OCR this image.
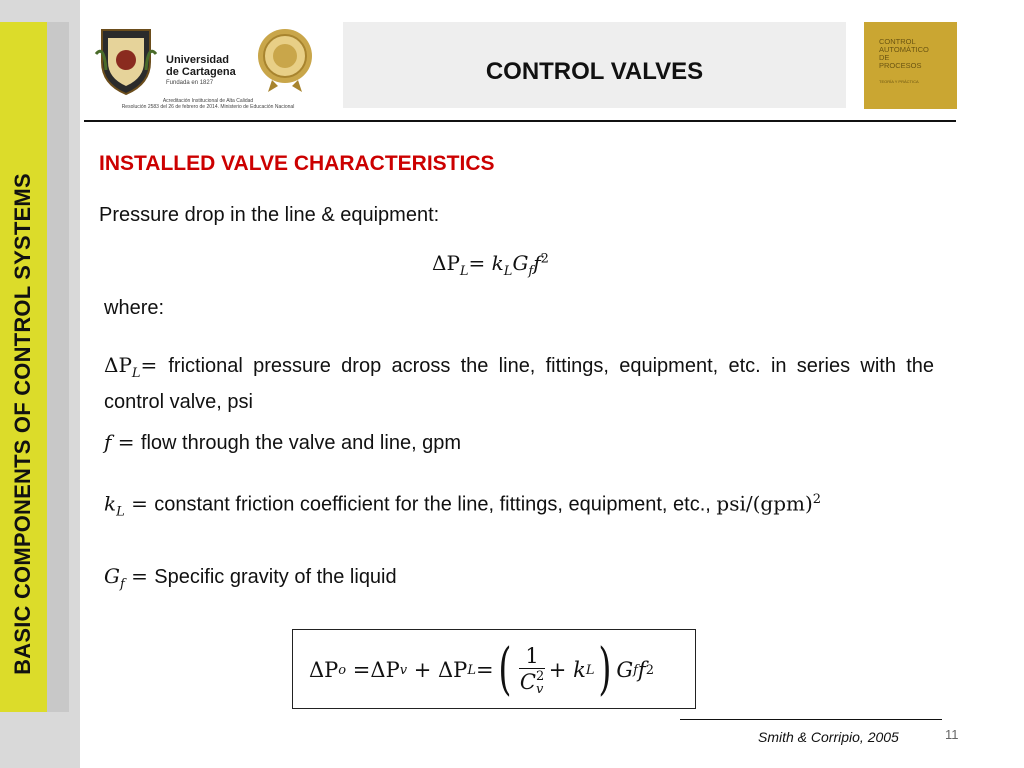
BASIC COMPONENTS OF CONTROL SYSTEMS
Universidad
de Cartagena
Fundada en 1827
Acreditación Institucional de Alta Calidad
Resolución 2583 del 26 de febrero de 2014. Ministerio de Educación Nacional
CONTROL VALVES
CONTROL
AUTOMÁTICO
DE
PROCESOS
TEORÍA Y PRÁCTICA
INSTALLED VALVE CHARACTERISTICS
Pressure drop in the line & equipment:
$\Delta P_L= k_LG_ff^2$
where:
$\Delta P_L=$ frictional pressure drop across the line, fittings, equipment, etc. in series with the control valve, psi
f = flow through the valve and line, gpm
$k_L$ = constant friction coefficient for the line, fittings, equipment, etc., psi/(gpm)$^2$
$G_f$ = Specific gravity of the liquid
ΔP o = ΔP v + ΔP L = ( 1
C 2
v + k L ) G f f 2
Smith & Corripio, 2005	11
